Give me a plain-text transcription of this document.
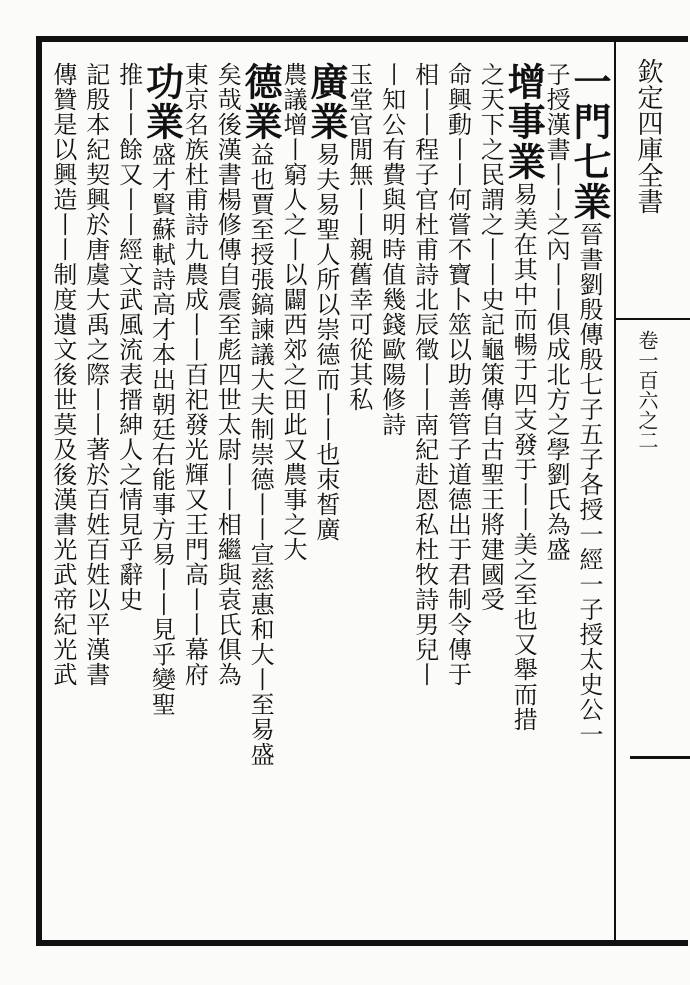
欽定四庫全書
卷一百六之二
一門七業晉書劉殷傳殷七子五子各授一經一子授太史公一
子授漢書丨丨之內丨丨俱成北方之學劉氏為盛
增事業易美在其中而暢于四支發于丨丨美之至也又舉而措
之天下之民謂之丨丨史記龜策傳自古聖王將建國受
命興動丨丨何嘗不寶卜筮以助善管子道德出于君制令傳于
相丨丨程子官杜甫詩北辰徵丨丨南紀赴恩私杜牧詩男兒丨
丨知公有費與明時值幾錢歐陽修詩
玉堂官閒無丨丨親舊幸可從其私
廣業易夫易聖人所以崇德而丨丨也朿皙廣
農議增丨窮人之丨以闢西郊之田此又農事之大
德業益也賈至授張鎬諫議大夫制崇德丨丨宣慈惠和大丨至易盛
矣哉後漢書楊修傳自震至彪四世太尉丨丨相繼與袁氏俱為
東京名族杜甫詩九農成丨丨百祀發光輝又王門高丨丨幕府
功業盛才賢蘇軾詩高才本出朝廷右能事方易丨丨見乎變聖
推丨丨餘又丨丨經文武風流表搢紳人之情見乎辭史
記殷本紀契興於唐虞大禹之際丨丨著於百姓百姓以平漢書
傳贊是以興造丨丨制度遺文後世莫及後漢書光武帝紀光武
